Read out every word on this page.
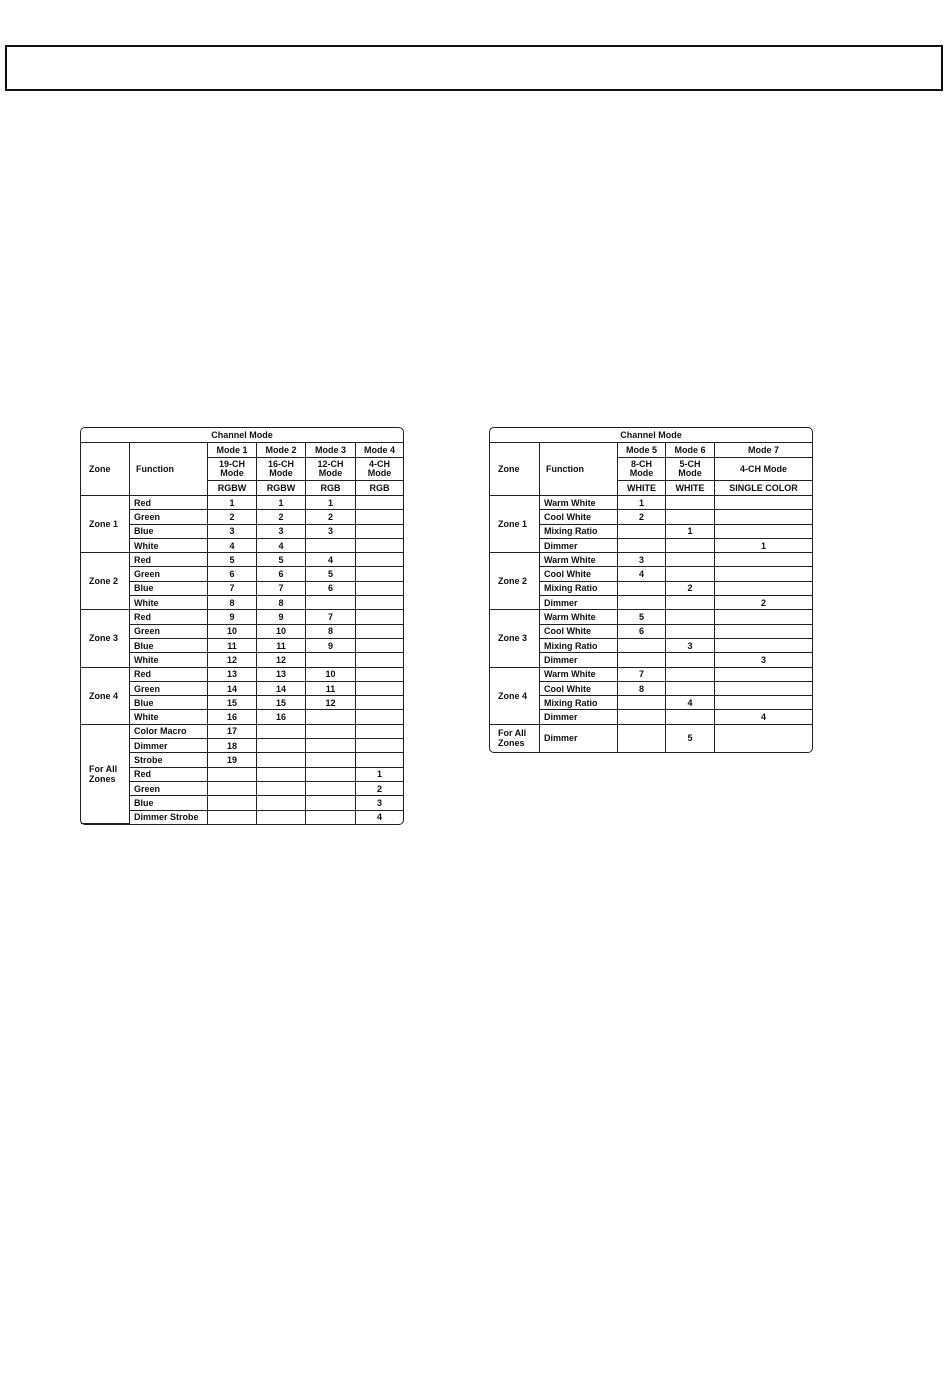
Channel Mode					
Zone	Function	Mode 1	Mode 2	Mode 3	Mode 4
		19-CH Mode	16-CH Mode	12-CH Mode	4-CH Mode
		RGBW	RGBW	RGB	RGB
Zone 1	Red	1	1	1	
	Green	2	2	2	
	Blue	3	3	3	
	White	4	4		
Zone 2	Red	5	5	4	
	Green	6	6	5	
	Blue	7	7	6	
	White	8	8		
Zone 3	Red	9	9	7	
	Green	10	10	8	
	Blue	11	11	9	
	White	12	12		
Zone 4	Red	13	13	10	
	Green	14	14	11	
	Blue	15	15	12	
	White	16	16		
For All Zones	Color Macro	17			
	Dimmer	18			
	Strobe	19			
	Red				1
	Green				2
	Blue				3
	Dimmer Strobe				4
Channel Mode				
Zone	Function	Mode 5	Mode 6	Mode 7
		8-CH Mode	5-CH Mode	4-CH Mode
		WHITE	WHITE	SINGLE COLOR
Zone 1	Warm White	1		
	Cool White	2		
	Mixing Ratio		1	
	Dimmer			1
Zone 2	Warm White	3		
	Cool White	4		
	Mixing Ratio		2	
	Dimmer			2
Zone 3	Warm White	5		
	Cool White	6		
	Mixing Ratio		3	
	Dimmer			3
Zone 4	Warm White	7		
	Cool White	8		
	Mixing Ratio		4	
	Dimmer			4
For All Zones	Dimmer		5	
